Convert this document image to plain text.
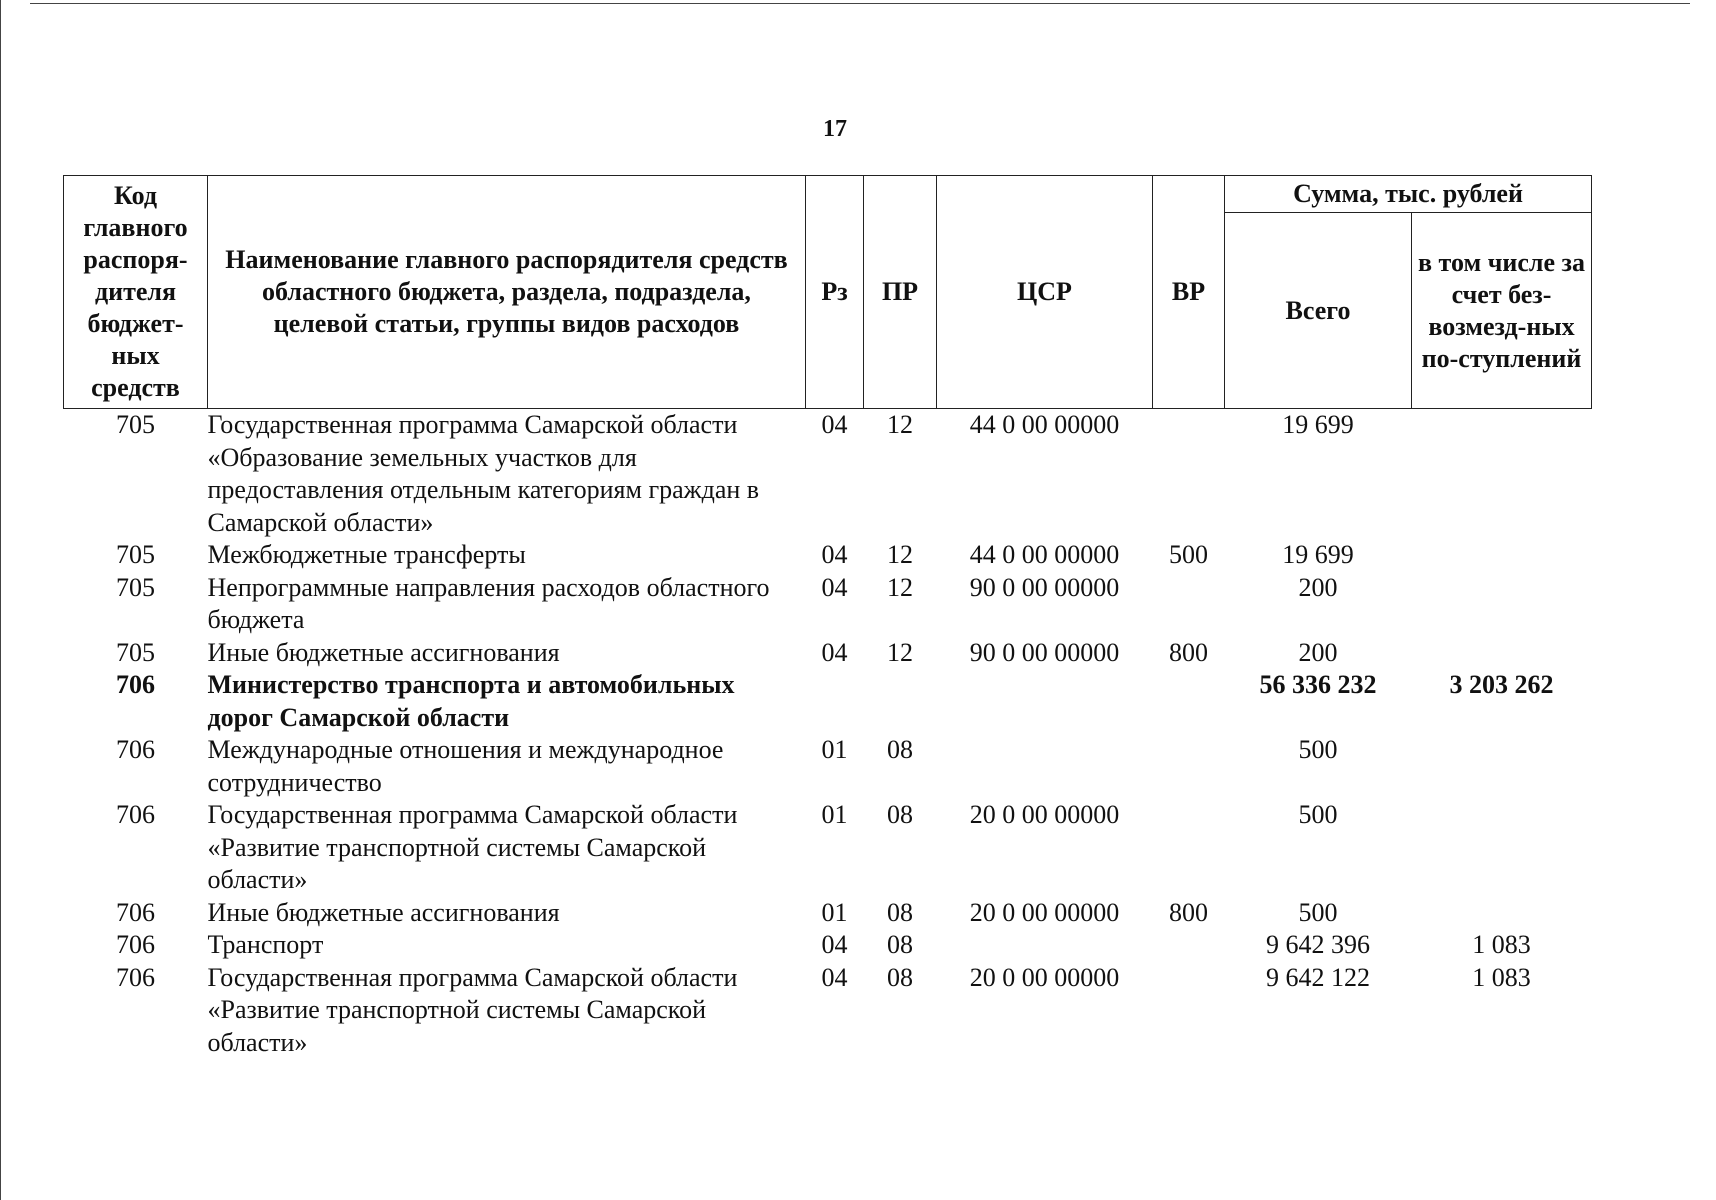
17
Код главного распоря-дителя бюджет-ных средств	Наименование главного распорядителя средств областного бюджета, раздела, подраздела, целевой статьи, группы видов расходов	Рз	ПР	ЦСР	ВР	Сумма, тыс. рублей	
						Всего	в том числе за счет без-возмезд-ных по-ступлений
705	Государственная программа Самарской области «Образование земельных участков для предоставления отдельным категориям граждан в Самарской области»	04	12	44 0 00 00000		19 699	
705	Межбюджетные трансферты	04	12	44 0 00 00000	500	19 699	
705	Непрограммные направления расходов областного бюджета	04	12	90 0 00 00000		200	
705	Иные бюджетные ассигнования	04	12	90 0 00 00000	800	200	
706	Министерство транспорта и автомобильных дорог Самарской области					56 336 232	3 203 262
706	Международные отношения и международное сотрудничество	01	08			500	
706	Государственная программа Самарской области «Развитие транспортной системы Самарской области»	01	08	20 0 00 00000		500	
706	Иные бюджетные ассигнования	01	08	20 0 00 00000	800	500	
706	Транспорт	04	08			9 642 396	1 083
706	Государственная программа Самарской области «Развитие транспортной системы Самарской области»	04	08	20 0 00 00000		9 642 122	1 083
